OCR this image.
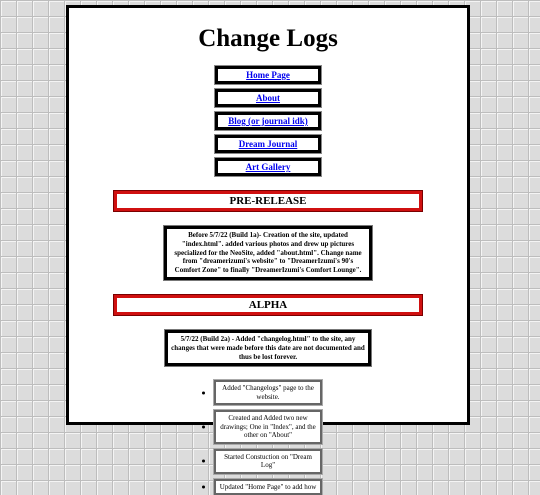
Change Logs
Home Page
About
Blog (or journal idk)
Dream Journal
Art Gallery
PRE-RELEASE
Before 5/7/22 (Build 1a)- Creation of the site, updated "index.html". added various photos and drew up pictures specialized for the NeoSite, added "about.html". Change name from "dreamerizumi's website" to "DreamerIzumi's 90's Comfort Zone" to finally "DreamerIzumi's Comfort Lounge".
ALPHA
5/7/22 (Build 2a) - Added "changelog.html" to the site, any changes that were made before this date are not documented and thus be lost forever.
Added "Changelogs" page to the website.
Created and Added two new drawings; One in "Index", and the other on "About"
Started Constuction on "Dream Log"
Updated "Home Page" to add how
